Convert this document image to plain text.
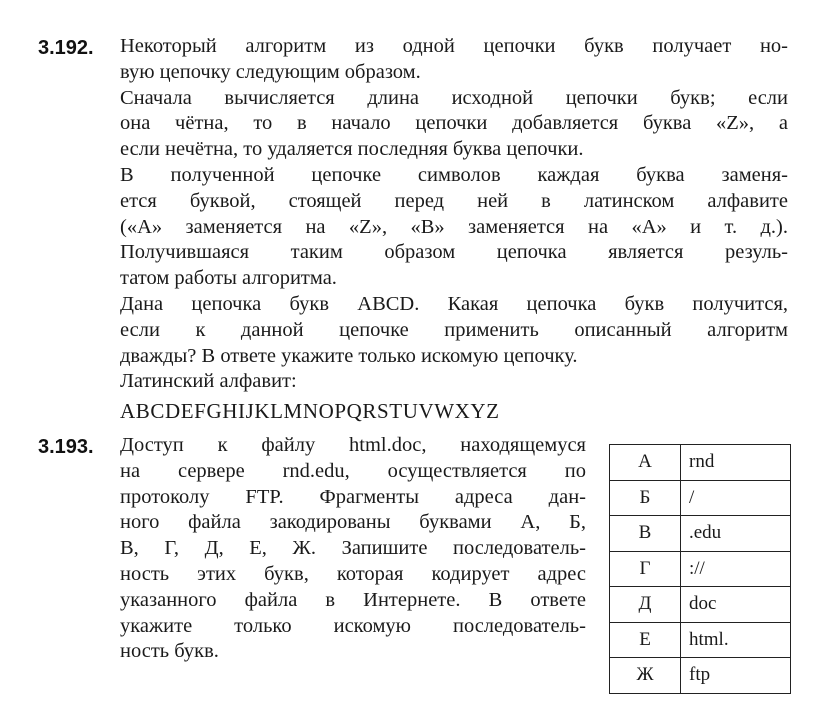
3.192. Некоторый алгоритм из одной цепочки букв получает но-
вую цепочку следующим образом.
Сначала вычисляется длина исходной цепочки букв; если
она чётна, то в начало цепочки добавляется буква «Z», а
если нечётна, то удаляется последняя буква цепочки.
В полученной цепочке символов каждая буква заменя-
ется буквой, стоящей перед ней в латинском алфавите
(«А» заменяется на «Z», «В» заменяется на «А» и т. д.).
Получившаяся таким образом цепочка является резуль-
татом работы алгоритма.
Дана цепочка букв ABCD. Какая цепочка букв получится,
если к данной цепочке применить описанный алгоритм
дважды? В ответе укажите только искомую цепочку.
Латинский алфавит:
ABCDEFGHIJKLMNOPQRSTUVWXYZ
3.193. Доступ к файлу html.doc, находящемуся
на сервере rnd.edu, осуществляется по
протоколу FTP. Фрагменты адреса дан-
ного файла закодированы буквами А, Б,
В, Г, Д, Е, Ж. Запишите последователь-
ность этих букв, которая кодирует адрес
указанного файла в Интернете. В ответе
укажите только искомую последователь-
ность букв.
А	rnd
Б	/
В	.edu
Г	://
Д	doc
Е	html.
Ж	ftp
